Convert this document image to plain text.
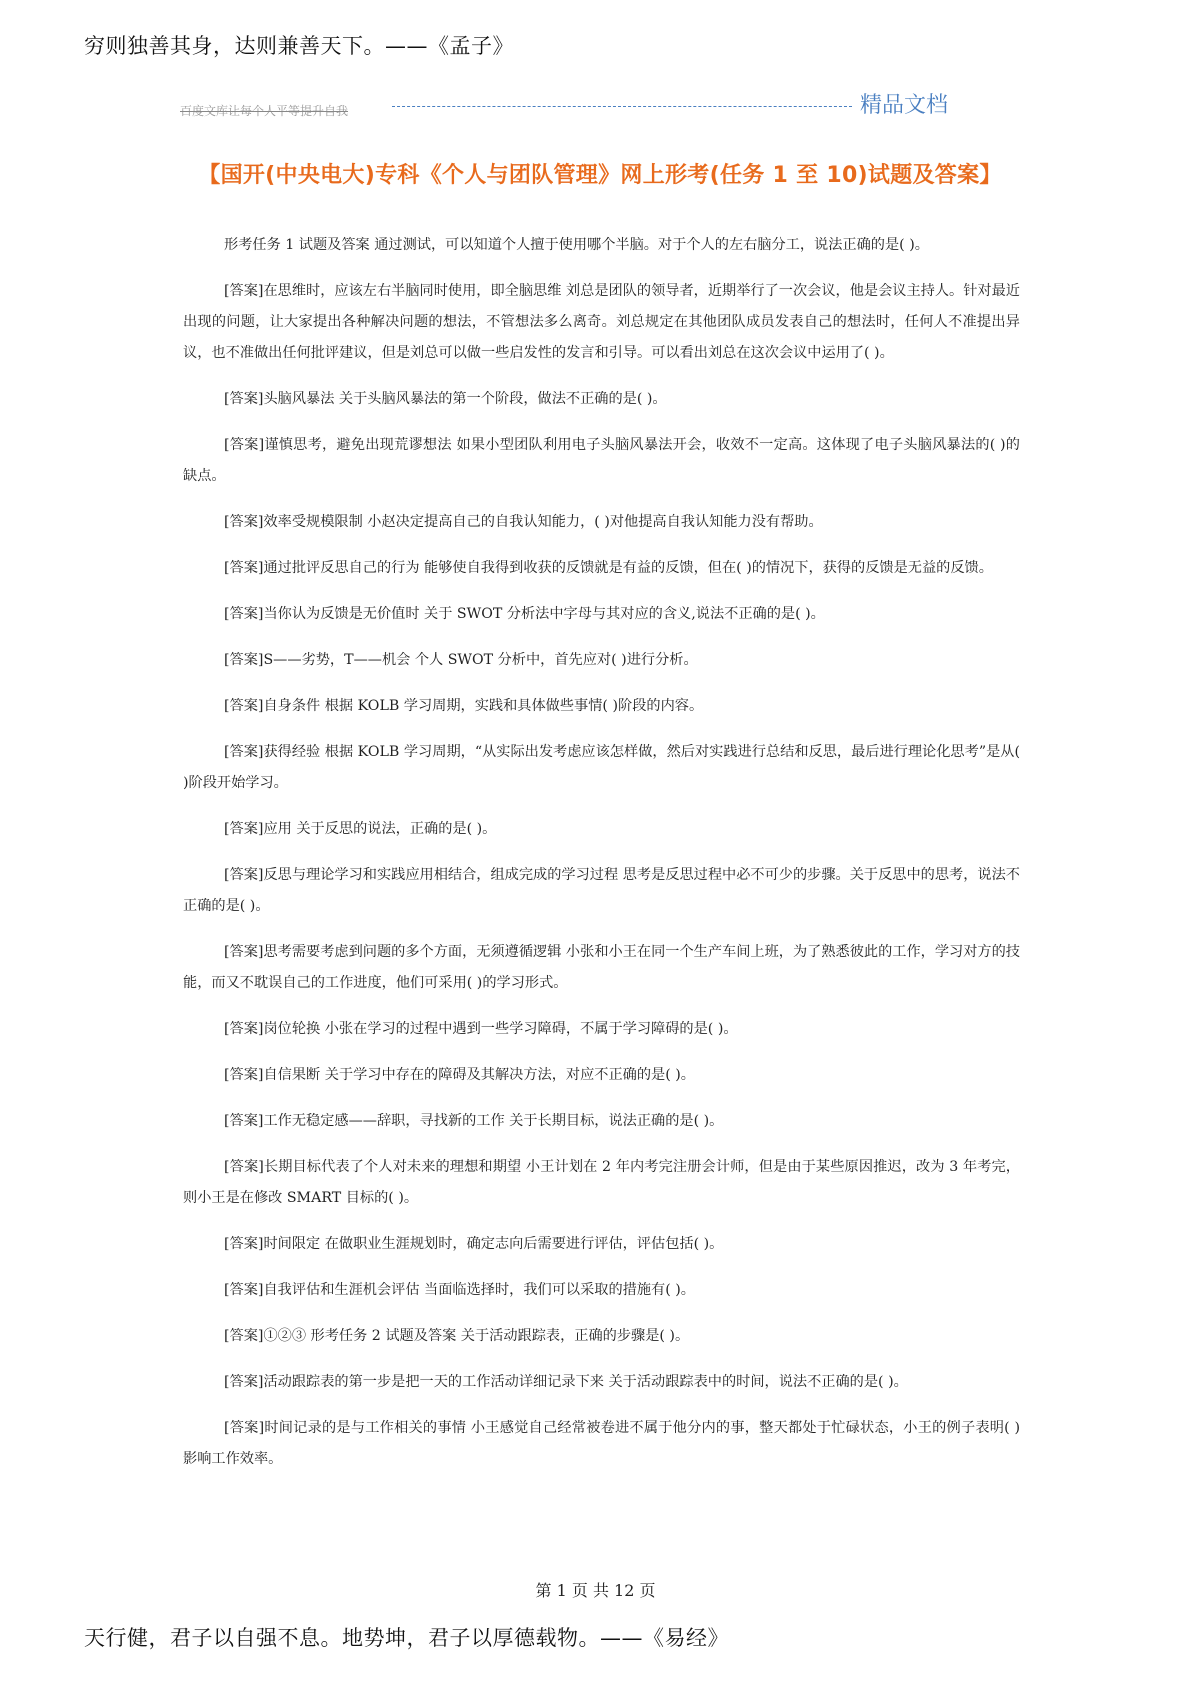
穷则独善其身，达则兼善天下。——《孟子》
百度文库让每个人平等提升自我	精品文档
【国开(中央电大)专科《个人与团队管理》网上形考(任务 1 至 10)试题及答案】

形考任务 1 试题及答案 通过测试，可以知道个人擅于使用哪个半脑。对于个人的左右脑分工，说法正确的是( )。

[答案]在思维时，应该左右半脑同时使用，即全脑思维 刘总是团队的领导者，近期举行了一次会议，他是会议主持人。针对最近出现的问题，让大家提出各种解决问题的想法，不管想法多么离奇。刘总规定在其他团队成员发表自己的想法时，任何人不准提出异议，也不准做出任何批评建议，但是刘总可以做一些启发性的发言和引导。可以看出刘总在这次会议中运用了( )。

[答案]头脑风暴法 关于头脑风暴法的第一个阶段，做法不正确的是( )。

[答案]谨慎思考，避免出现荒谬想法 如果小型团队利用电子头脑风暴法开会，收效不一定高。这体现了电子头脑风暴法的( )的缺点。

[答案]效率受规模限制 小赵决定提高自己的自我认知能力，( )对他提高自我认知能力没有帮助。

[答案]通过批评反思自己的行为 能够使自我得到收获的反馈就是有益的反馈，但在( )的情况下，获得的反馈是无益的反馈。

[答案]当你认为反馈是无价值时 关于 SWOT 分析法中字母与其对应的含义,说法不正确的是( )。

[答案]S——劣势，T——机会 个人 SWOT 分析中，首先应对( )进行分析。

[答案]自身条件 根据 KOLB 学习周期，实践和具体做些事情( )阶段的内容。

[答案]获得经验 根据 KOLB 学习周期，“从实际出发考虑应该怎样做，然后对实践进行总结和反思，最后进行理论化思考”是从( )阶段开始学习。

[答案]应用 关于反思的说法，正确的是( )。

[答案]反思与理论学习和实践应用相结合，组成完成的学习过程 思考是反思过程中必不可少的步骤。关于反思中的思考，说法不正确的是( )。

[答案]思考需要考虑到问题的多个方面，无须遵循逻辑 小张和小王在同一个生产车间上班，为了熟悉彼此的工作，学习对方的技能，而又不耽误自己的工作进度，他们可采用( )的学习形式。

[答案]岗位轮换 小张在学习的过程中遇到一些学习障碍，不属于学习障碍的是( )。

[答案]自信果断 关于学习中存在的障碍及其解决方法，对应不正确的是( )。

[答案]工作无稳定感——辞职，寻找新的工作 关于长期目标，说法正确的是( )。

[答案]长期目标代表了个人对未来的理想和期望 小王计划在 2 年内考完注册会计师，但是由于某些原因推迟，改为 3 年考完，则小王是在修改 SMART 目标的( )。

[答案]时间限定 在做职业生涯规划时，确定志向后需要进行评估，评估包括( )。

[答案]自我评估和生涯机会评估 当面临选择时，我们可以采取的措施有( )。

[答案]①②③ 形考任务 2 试题及答案 关于活动跟踪表，正确的步骤是( )。

[答案]活动跟踪表的第一步是把一天的工作活动详细记录下来 关于活动跟踪表中的时间，说法不正确的是( )。

[答案]时间记录的是与工作相关的事情 小王感觉自己经常被卷进不属于他分内的事，整天都处于忙碌状态，小王的例子表明( )影响工作效率。

第 1 页 共 12 页
天行健，君子以自强不息。地势坤，君子以厚德载物。——《易经》
